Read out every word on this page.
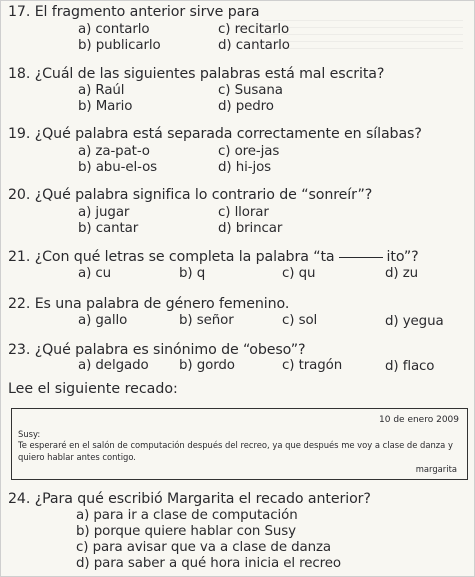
17. El fragmento anterior sirve para
a) contarlo	c) recitarlo
b) publicarlo	d) cantarlo
18. ¿Cuál de las siguientes palabras está mal escrita?
a) Raúl	c) Susana
b) Mario	d) pedro
19. ¿Qué palabra está separada correctamente en sílabas?
a) za-pat-o	c) ore-jas
b) abu-el-os	d) hi-jos
20. ¿Qué palabra significa lo contrario de “sonreír”?
a) jugar	c) llorar
b) cantar	d) brincar
21. ¿Con qué letras se completa la palabra “ta	ito”?
a) cu	b) q	c) qu	d) zu
22. Es una palabra de género femenino.
a) gallo	b) señor	c) sol	d) yegua
23. ¿Qué palabra es sinónimo de “obeso”?
a) delgado b) gordo	c) tragón	d) flaco
Lee el siguiente recado:
10 de enero 2009
Susy:
Te esperaré en el salón de computación después del recreo, ya que después me voy a clase de danza y quiero hablar antes contigo.
margarita
24. ¿Para qué escribió Margarita el recado anterior?
a) para ir a clase de computación
b) porque quiere hablar con Susy
c) para avisar que va a clase de danza
d) para saber a qué hora inicia el recreo
